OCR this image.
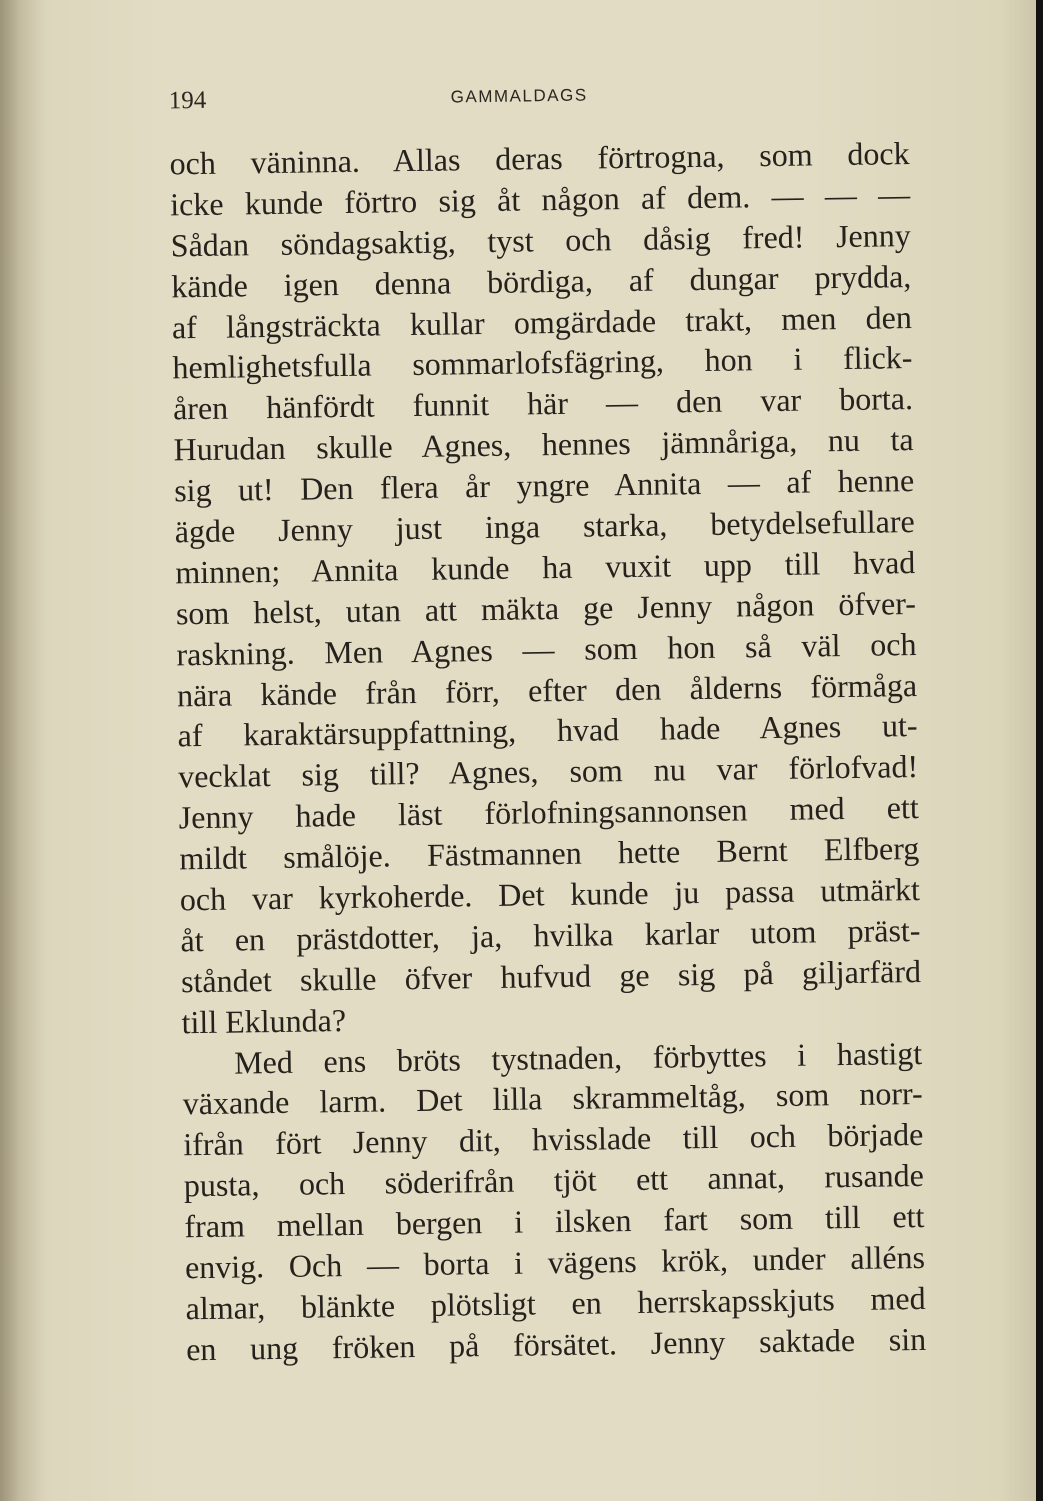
194	GAMMALDAGS
och väninna. Allas deras förtrogna, som dock
icke kunde förtro sig åt någon af dem. — — —
Sådan söndagsaktig, tyst och dåsig fred! Jenny
kände igen denna bördiga, af dungar prydda,
af långsträckta kullar omgärdade trakt, men den
hemlighetsfulla sommarlofsfägring, hon i flick-
åren hänfördt funnit här — den var borta.
Hurudan skulle Agnes, hennes jämnåriga, nu ta
sig ut! Den flera år yngre Annita — af henne
ägde Jenny just inga starka, betydelsefullare
minnen; Annita kunde ha vuxit upp till hvad
som helst, utan att mäkta ge Jenny någon öfver-
raskning. Men Agnes — som hon så väl och
nära kände från förr, efter den ålderns förmåga
af karaktärsuppfattning, hvad hade Agnes ut-
vecklat sig till? Agnes, som nu var förlofvad!
Jenny hade läst förlofningsannonsen med ett
mildt smålöje. Fästmannen hette Bernt Elfberg
och var kyrkoherde. Det kunde ju passa utmärkt
åt en prästdotter, ja, hvilka karlar utom präst-
ståndet skulle öfver hufvud ge sig på giljarfärd
till Eklunda?
Med ens bröts tystnaden, förbyttes i hastigt
växande larm. Det lilla skrammeltåg, som norr-
ifrån fört Jenny dit, hvisslade till och började
pusta, och söderifrån tjöt ett annat, rusande
fram mellan bergen i ilsken fart som till ett
envig. Och — borta i vägens krök, under alléns
almar, blänkte plötsligt en herrskapsskjuts med
en ung fröken på försätet. Jenny saktade sin
